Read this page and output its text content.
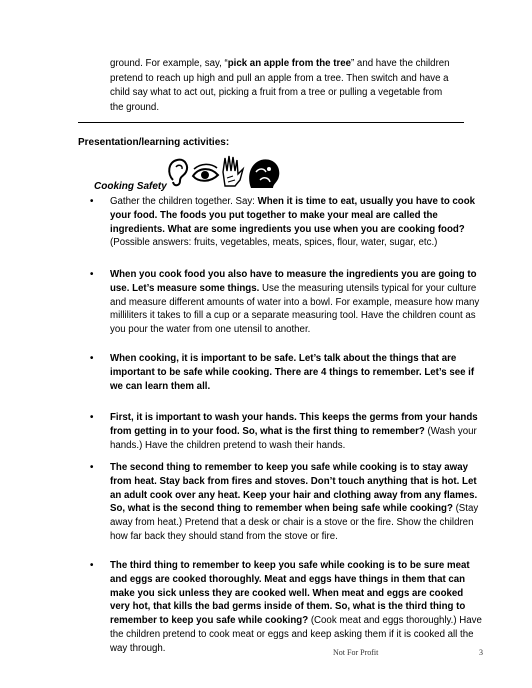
ground. For example, say, “pick an apple from the tree” and have the children pretend to reach up high and pull an apple from a tree. Then switch and have a child say what to act out, picking a fruit from a tree or pulling a vegetable from the ground.

Presentation/learning activities:

Cooking Safety

• Gather the children together. Say: When it is time to eat, usually you have to cook your food. The foods you put together to make your meal are called the ingredients. What are some ingredients you use when you are cooking food? (Possible answers: fruits, vegetables, meats, spices, flour, water, sugar, etc.)

• When you cook food you also have to measure the ingredients you are going to use. Let’s measure some things. Use the measuring utensils typical for your culture and measure different amounts of water into a bowl. For example, measure how many milliliters it takes to fill a cup or a separate measuring tool. Have the children count as you pour the water from one utensil to another.

• When cooking, it is important to be safe. Let’s talk about the things that are important to be safe while cooking. There are 4 things to remember. Let’s see if we can learn them all.

• First, it is important to wash your hands. This keeps the germs from your hands from getting in to your food. So, what is the first thing to remember? (Wash your hands.) Have the children pretend to wash their hands.

• The second thing to remember to keep you safe while cooking is to stay away from heat. Stay back from fires and stoves. Don’t touch anything that is hot. Let an adult cook over any heat. Keep your hair and clothing away from any flames. So, what is the second thing to remember when being safe while cooking? (Stay away from heat.) Pretend that a desk or chair is a stove or the fire. Show the children how far back they should stand from the stove or fire.

• The third thing to remember to keep you safe while cooking is to be sure meat and eggs are cooked thoroughly. Meat and eggs have things in them that can make you sick unless they are cooked well. When meat and eggs are cooked very hot, that kills the bad germs inside of them. So, what is the third thing to remember to keep you safe while cooking? (Cook meat and eggs thoroughly.) Have the children pretend to cook meat or eggs and keep asking them if it is cooked all the way through.	Not For Profit	3
